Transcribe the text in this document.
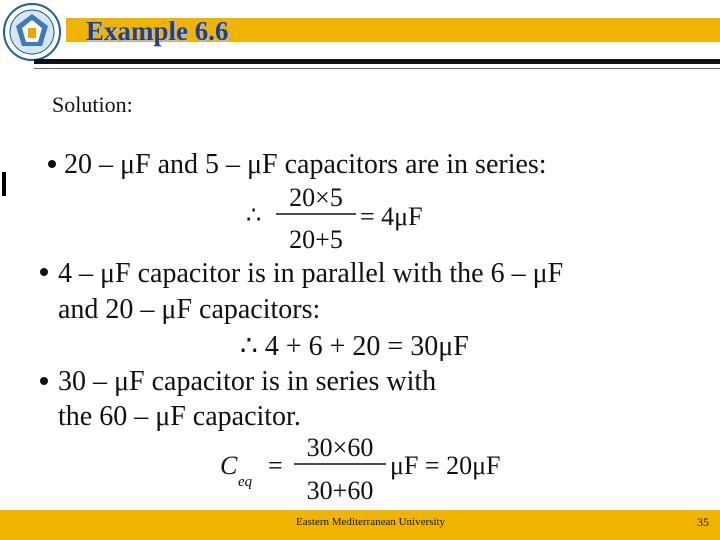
Example 6.6
Solution:
20 – μF and 5 – μF capacitors are in series:
∴
20×5
20+5
= 4μF
4 – μF capacitor is in parallel with the 6 – μF
and 20 – μF capacitors:
∴ 4 + 6 + 20 = 30μF
30 – μF capacitor is in series with
the 60 – μF capacitor.
C
eq
=
30×60
30+60
μF = 20μF
Eastern Mediterranean University	35
